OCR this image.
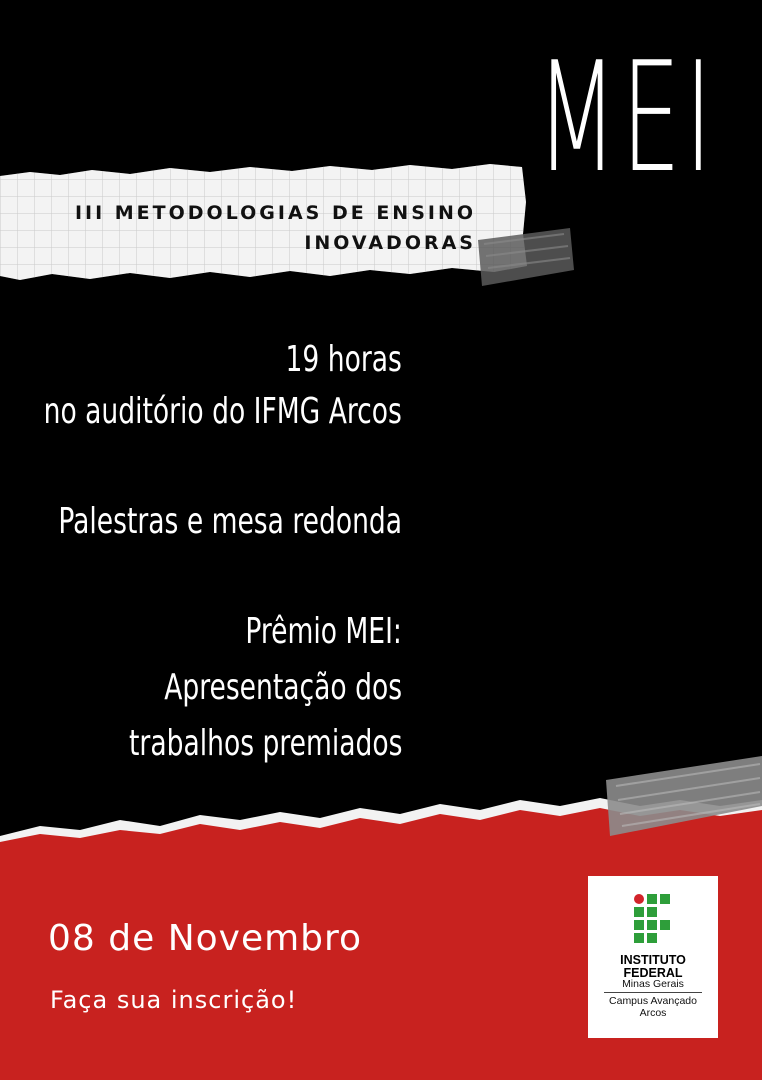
III METODOLOGIAS DE ENSINO
INOVADORAS
MEI
19 horas
no auditório do IFMG Arcos
Palestras e mesa redonda
Prêmio MEI:
Apresentação dos
trabalhos premiados
08 de Novembro
Faça sua inscrição!
INSTITUTO
FEDERAL
Minas Gerais
Campus Avançado
Arcos
